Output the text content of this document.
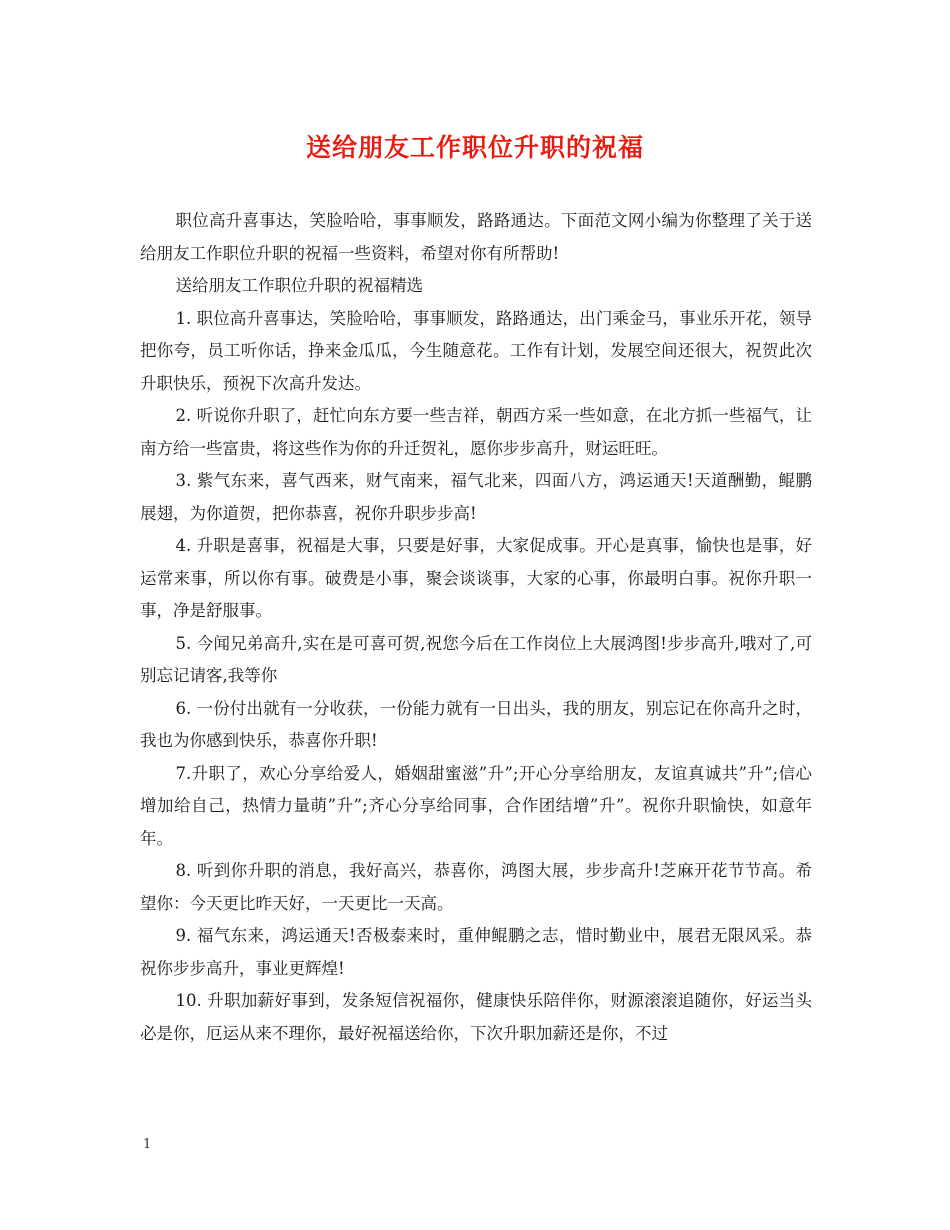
送给朋友工作职位升职的祝福

职位高升喜事达，笑脸哈哈，事事顺发，路路通达。下面范文网小编为你整理了关于送给朋友工作职位升职的祝福一些资料，希望对你有所帮助!

送给朋友工作职位升职的祝福精选

1. 职位高升喜事达，笑脸哈哈，事事顺发，路路通达，出门乘金马，事业乐开花，领导把你夸，员工听你话，挣来金瓜瓜，今生随意花。工作有计划，发展空间还很大，祝贺此次升职快乐，预祝下次高升发达。

2. 听说你升职了，赶忙向东方要一些吉祥，朝西方采一些如意，在北方抓一些福气，让南方给一些富贵，将这些作为你的升迁贺礼，愿你步步高升，财运旺旺。

3. 紫气东来，喜气西来，财气南来，福气北来，四面八方，鸿运通天!天道酬勤，鲲鹏展翅，为你道贺，把你恭喜，祝你升职步步高!

4. 升职是喜事，祝福是大事，只要是好事，大家促成事。开心是真事，愉快也是事，好运常来事，所以你有事。破费是小事，聚会谈谈事，大家的心事，你最明白事。祝你升职一事，净是舒服事。

5. 今闻兄弟高升,实在是可喜可贺,祝您今后在工作岗位上大展鸿图!步步高升,哦对了,可别忘记请客,我等你

6. 一份付出就有一分收获，一份能力就有一日出头，我的朋友，别忘记在你高升之时，我也为你感到快乐，恭喜你升职!

7.升职了，欢心分享给爱人，婚姻甜蜜滋”升”;开心分享给朋友，友谊真诚共”升”;信心增加给自己，热情力量萌”升”;齐心分享给同事，合作团结增”升”。祝你升职愉快，如意年年。

8. 听到你升职的消息，我好高兴，恭喜你，鸿图大展，步步高升!芝麻开花节节高。希望你：今天更比昨天好，一天更比一天高。

9. 福气东来，鸿运通天!否极泰来时，重伸鲲鹏之志，惜时勤业中，展君无限风采。恭祝你步步高升，事业更辉煌!

10. 升职加薪好事到，发条短信祝福你，健康快乐陪伴你，财源滚滚追随你，好运当头必是你，厄运从来不理你，最好祝福送给你，下次升职加薪还是你，不过

1
